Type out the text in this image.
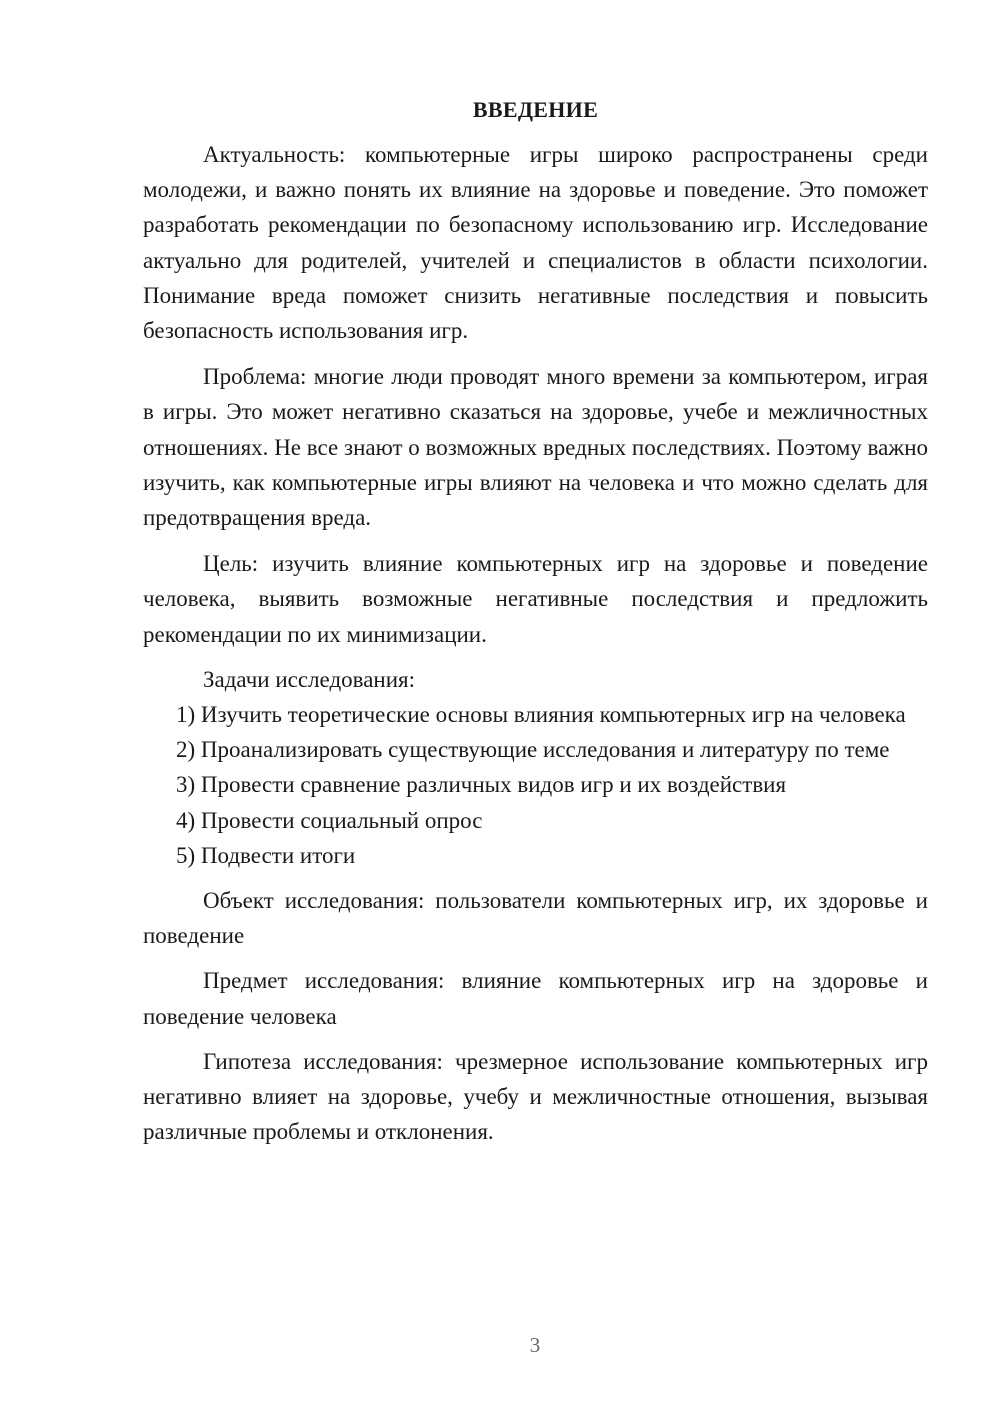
ВВЕДЕНИЕ

Актуальность: компьютерные игры широко распространены среди молодежи, и важно понять их влияние на здоровье и поведение. Это поможет разработать рекомендации по безопасному использованию игр. Исследование актуально для родителей, учителей и специалистов в области психологии. Понимание вреда поможет снизить негативные последствия и повысить безопасность использования игр.

Проблема: многие люди проводят много времени за компьютером, играя в игры. Это может негативно сказаться на здоровье, учебе и межличностных отношениях. Не все знают о возможных вредных последствиях. Поэтому важно изучить, как компьютерные игры влияют на человека и что можно сделать для предотвращения вреда.

Цель: изучить влияние компьютерных игр на здоровье и поведение человека, выявить возможные негативные последствия и предложить рекомендации по их минимизации.

Задачи исследования:

1) Изучить теоретические основы влияния компьютерных игр на человека

2) Проанализировать существующие исследования и литературу по теме

3) Провести сравнение различных видов игр и их воздействия

4) Провести социальный опрос

5) Подвести итоги

Объект исследования: пользователи компьютерных игр, их здоровье и поведение

Предмет исследования: влияние компьютерных игр на здоровье и поведение человека

Гипотеза исследования: чрезмерное использование компьютерных игр негативно влияет на здоровье, учебу и межличностные отношения, вызывая различные проблемы и отклонения.

3
